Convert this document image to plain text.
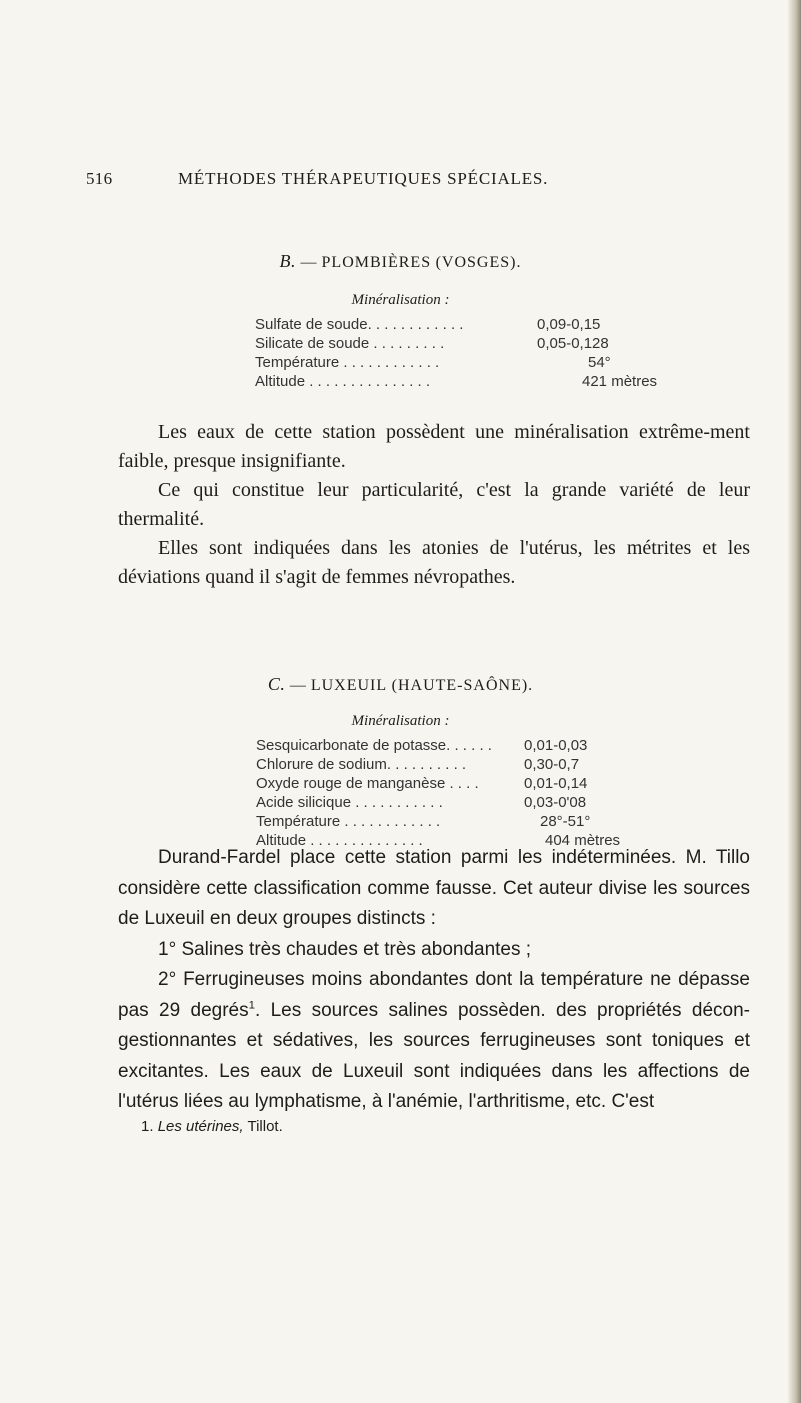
516	MÉTHODES THÉRAPEUTIQUES SPÉCIALES.
B. — PLOMBIÈRES (VOSGES).
Minéralisation :
Sulfate de soude. . . . . . . . . . . .	0,09-0,15
Silicate de soude . . . . . . . . .	0,05-0,128
Température . . . . . . . . . . . .	54°
Altitude . . . . . . . . . . . . . . .	421 mètres

Les eaux de cette station possèdent une minéralisation extrême-ment faible, presque insignifiante.

Ce qui constitue leur particularité, c'est la grande variété de leur thermalité.

Elles sont indiquées dans les atonies de l'utérus, les métrites et les déviations quand il s'agit de femmes névropathes.

C. — LUXEUIL (HAUTE-SAÔNE).
Minéralisation :
Sesquicarbonate de potasse. . . . . . 0,01-0,03
Chlorure de sodium. . . . . . . . . .	0,30-0,7
Oxyde rouge de manganèse . . . .	0,01-0,14
Acide silicique . . . . . . . . . . .	0,03-0'08
Température . . . . . . . . . . . .	28°-51°
Altitude . . . . . . . . . . . . . .	404 mètres

Durand-Fardel place cette station parmi les indéterminées. M. Tillo considère cette classification comme fausse. Cet auteur divise les sources de Luxeuil en deux groupes distincts :

1° Salines très chaudes et très abondantes ;

2° Ferrugineuses moins abondantes dont la température ne dépasse pas 29 degrés$^1$. Les sources salines possèden. des propriétés décon-gestionnantes et sédatives, les sources ferrugineuses sont toniques et excitantes. Les eaux de Luxeuil sont indiquées dans les affections de l'utérus liées au lymphatisme, à l'anémie, l'arthritisme, etc. C'est

1. Les utérines, Tillot.
